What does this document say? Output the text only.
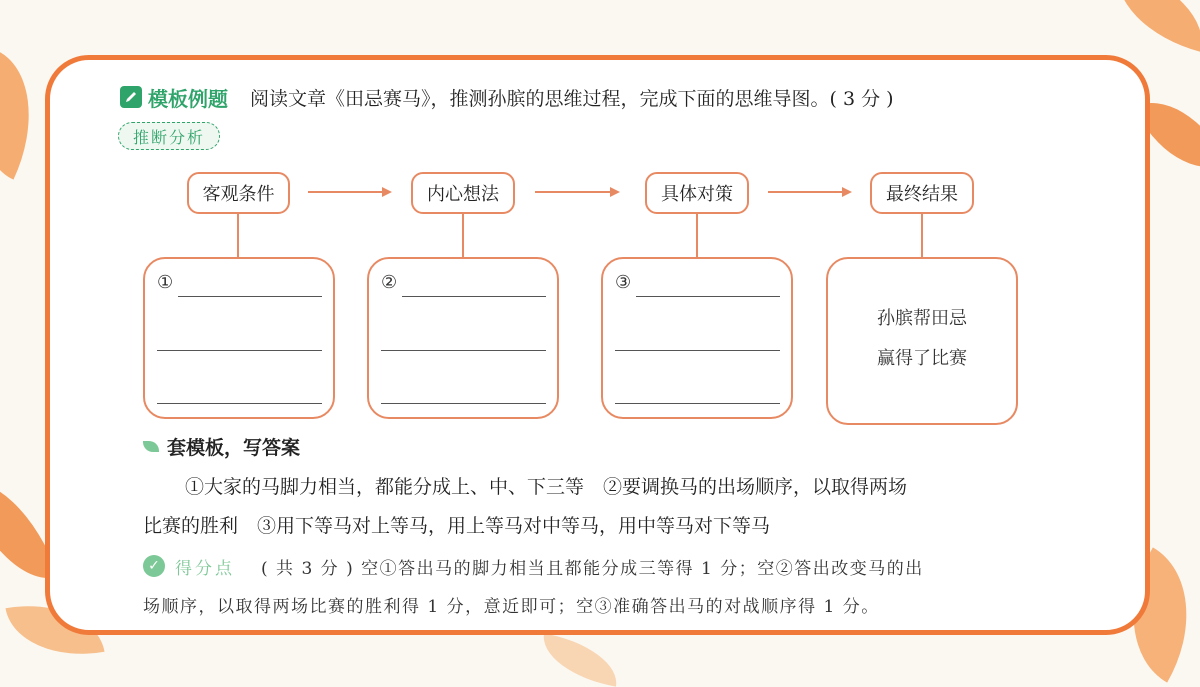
模板例题 阅读文章《田忌赛马》，推测孙膑的思维过程，完成下面的思维导图。( 3 分 )
推断分析
客观条件	内心想法	具体对策	最终结果
①	②	③
孙膑帮田忌
赢得了比赛
套模板，写答案
①大家的马脚力相当，都能分成上、中、下三等　②要调换马的出场顺序，以取得两场
比赛的胜利　③用下等马对上等马，用上等马对中等马，用中等马对下等马
✓ 得分点 ( 共 3 分 ) 空①答出马的脚力相当且都能分成三等得 1 分；空②答出改变马的出
场顺序，以取得两场比赛的胜利得 1 分，意近即可；空③准确答出马的对战顺序得 1 分。
